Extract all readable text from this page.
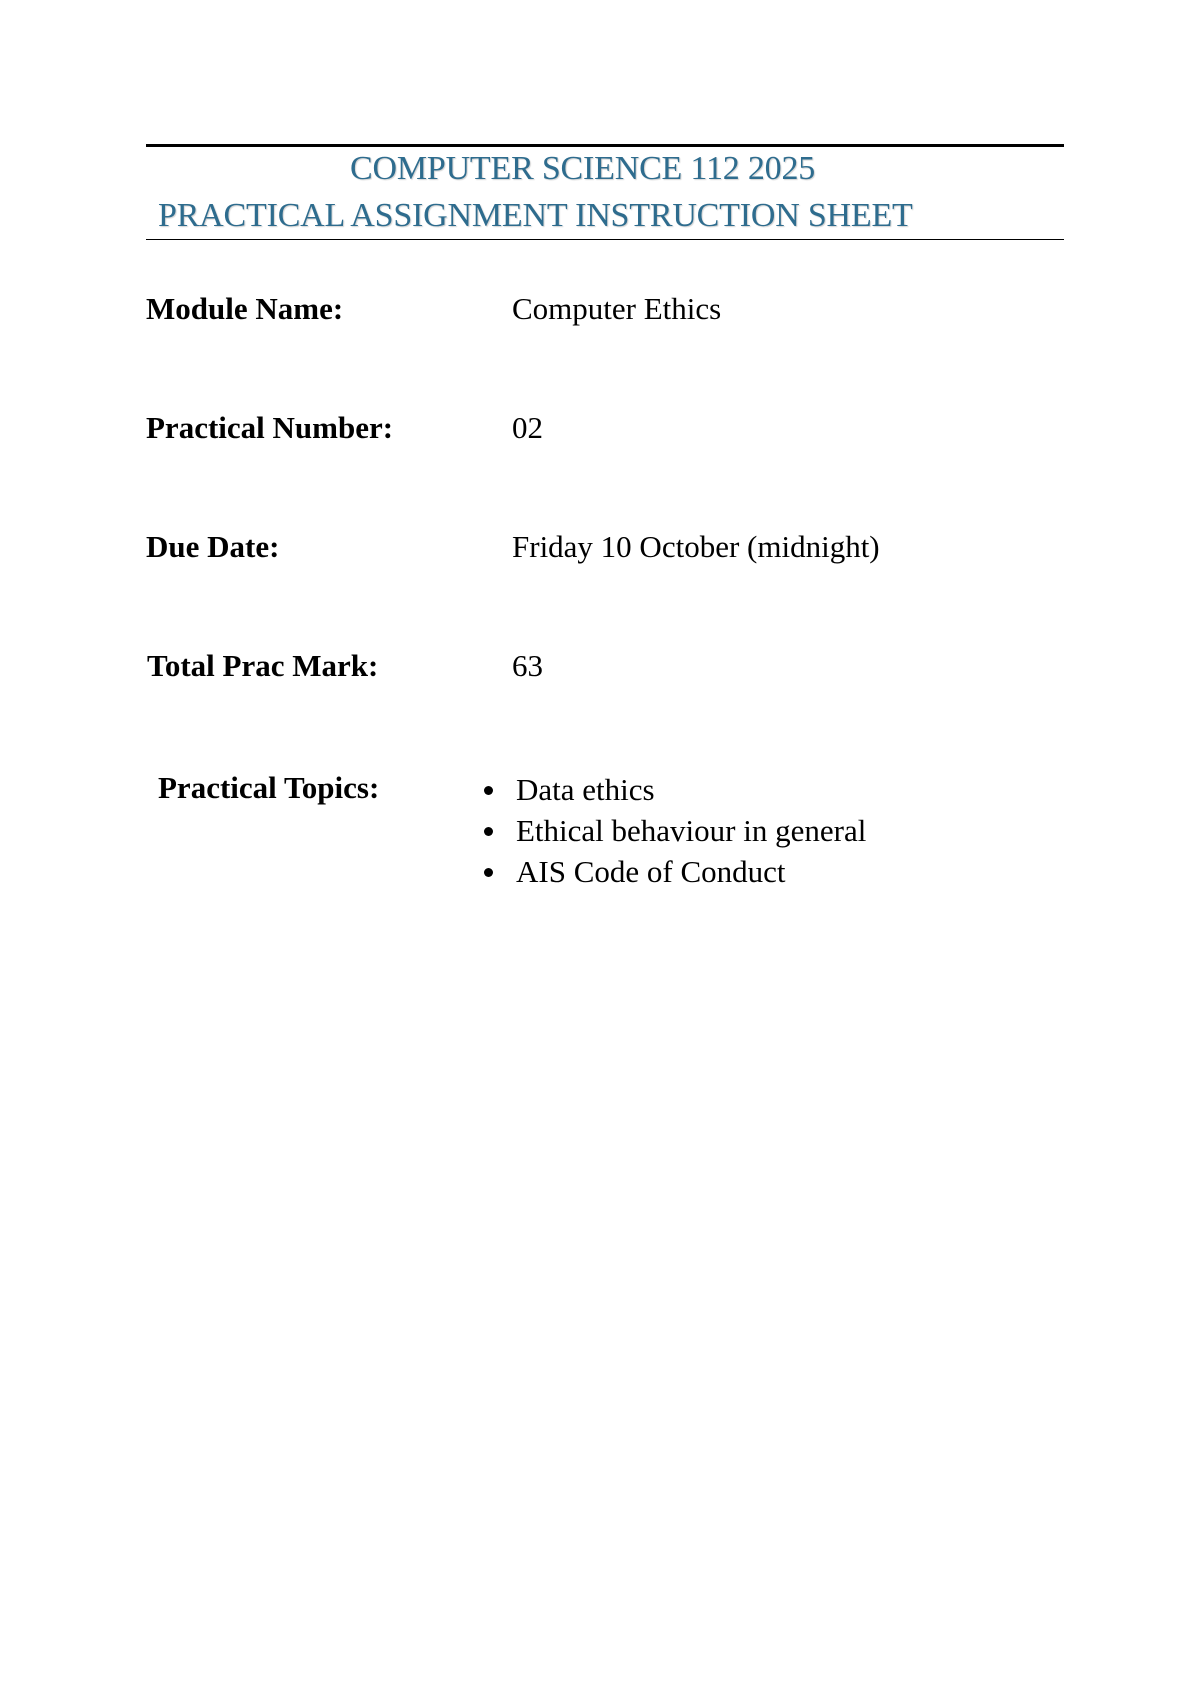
COMPUTER SCIENCE 112 2025
PRACTICAL ASSIGNMENT INSTRUCTION SHEET
Module Name:	Computer Ethics
Practical Number:	02
Due Date:	Friday 10 October (midnight)
Total Prac Mark:	63
Practical Topics:	Data ethics
Ethical behaviour in general
AIS Code of Conduct
